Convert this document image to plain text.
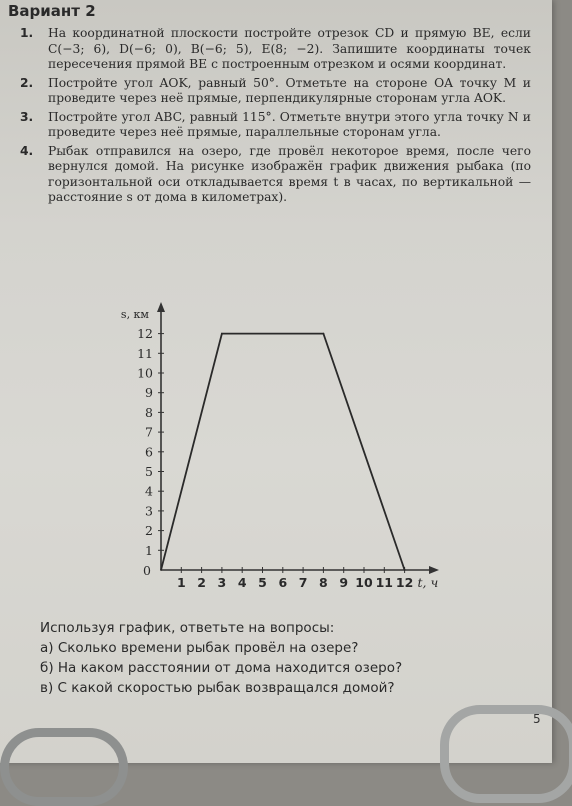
Вариант 2
1.	На координатной плоскости постройте отрезок CD и прямую BE, если C(−3; 6), D(−6; 0), B(−6; 5), E(8; −2). Запишите координаты точек пересечения прямой BE с построенным отрезком и осями координат.
2.	Постройте угол AOK, равный 50°. Отметьте на стороне OA точку M и проведите через неё прямые, перпендикулярные сторонам угла AOK.
3.	Постройте угол ABC, равный 115°. Отметьте внутри этого угла точку N и проведите через неё прямые, параллельные сторонам угла.
4.	Рыбак отправился на озеро, где провёл некоторое время, после чего вернулся домой. На рисунке изображён график движения рыбака (по горизонтальной оси откладывается время t в часах, по вертикальной — расстояние s от дома в километрах).
1 2 3 4 5 6 7 8 9 10 11 12
1
2
3
4
5
6
7
8
9
10
11
12
0
s, км
t, ч
Используя график, ответьте на вопросы:
а) Сколько времени рыбак провёл на озере?
б) На каком расстоянии от дома находится озеро?
в) С какой скоростью рыбак возвращался домой?
5
